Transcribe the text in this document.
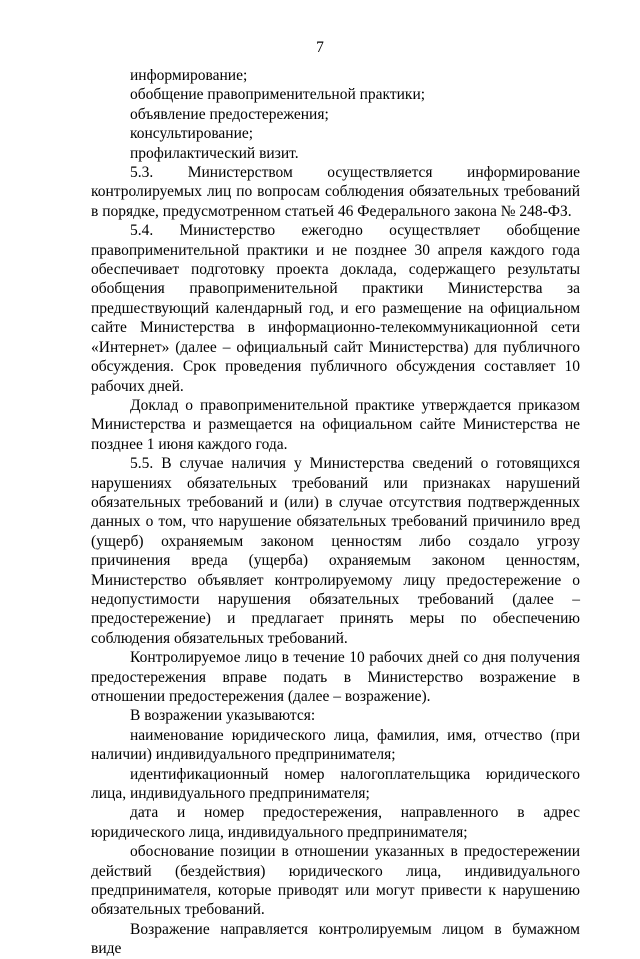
7

информирование;

обобщение правоприменительной практики;

объявление предостережения;

консультирование;

профилактический визит.

5.3. Министерством осуществляется информирование контролируемых лиц по вопросам соблюдения обязательных требований в порядке, предусмотренном статьей 46 Федерального закона № 248-ФЗ.

5.4. Министерство ежегодно осуществляет обобщение правоприменительной практики и не позднее 30 апреля каждого года обеспечивает подготовку проекта доклада, содержащего результаты обобщения правоприменительной практики Министерства за предшествующий календарный год, и его размещение на официальном сайте Министерства в информационно-телекоммуникационной сети «Интернет» (далее – официальный сайт Министерства) для публичного обсуждения. Срок проведения публичного обсуждения составляет 10 рабочих дней.

Доклад о правоприменительной практике утверждается приказом Министерства и размещается на официальном сайте Министерства не позднее 1 июня каждого года.

5.5. В случае наличия у Министерства сведений о готовящихся нарушениях обязательных требований или признаках нарушений обязательных требований и (или) в случае отсутствия подтвержденных данных о том, что нарушение обязательных требований причинило вред (ущерб) охраняемым законом ценностям либо создало угрозу причинения вреда (ущерба) охраняемым законом ценностям, Министерство объявляет контролируемому лицу предостережение о недопустимости нарушения обязательных требований (далее – предостережение) и предлагает принять меры по обеспечению соблюдения обязательных требований.

Контролируемое лицо в течение 10 рабочих дней со дня получения предостережения вправе подать в Министерство возражение в отношении предостережения (далее – возражение).

В возражении указываются:

наименование юридического лица, фамилия, имя, отчество (при наличии) индивидуального предпринимателя;

идентификационный номер налогоплательщика юридического лица, индивидуального предпринимателя;

дата и номер предостережения, направленного в адрес юридического лица, индивидуального предпринимателя;

обоснование позиции в отношении указанных в предостережении действий (бездействия) юридического лица, индивидуального предпринимателя, которые приводят или могут привести к нарушению обязательных требований.

Возражение направляется контролируемым лицом в бумажном виде
